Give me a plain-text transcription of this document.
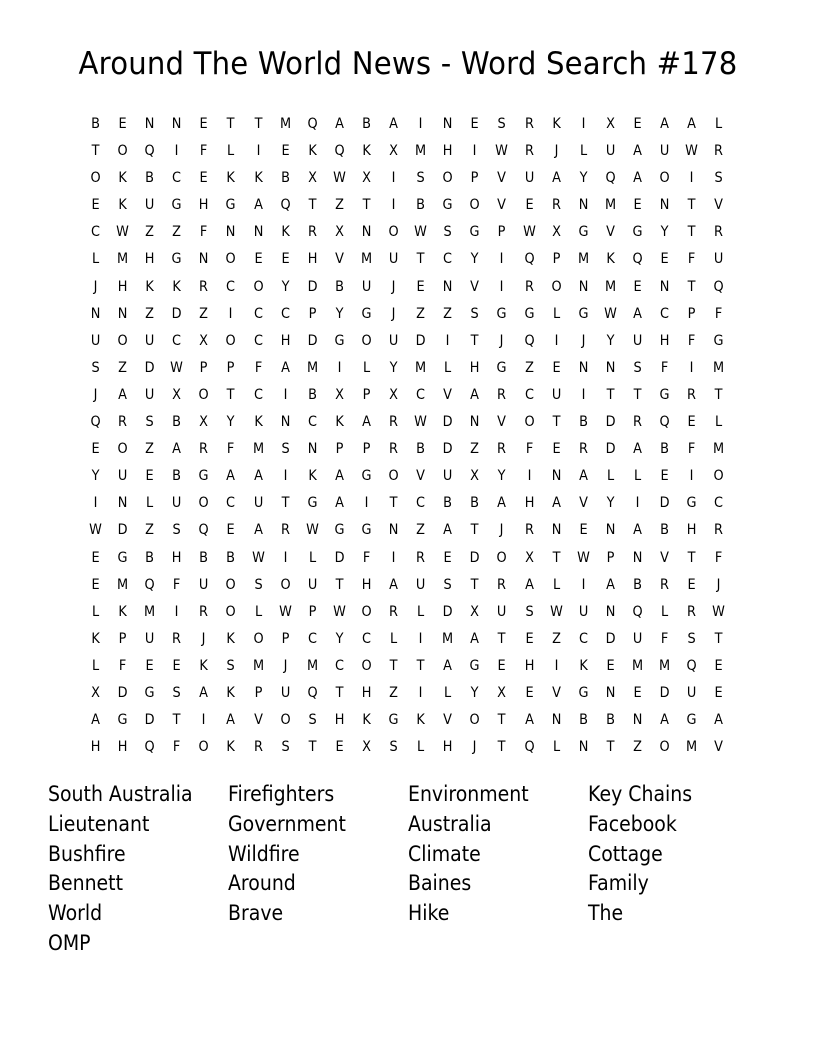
Around The World News - Word Search #178
B	E	N	N	E	T	T	M	Q	A	B	A	I	N	E	S	R	K	I	X	E	A	A	L
T	O	Q	I	F	L	I	E	K	Q	K	X	M	H	I	W	R	J	L	U	A	U	W	R
O	K	B	C	E	K	K	B	X	W	X	I	S	O	P	V	U	A	Y	Q	A	O	I	S
E	K	U	G	H	G	A	Q	T	Z	T	I	B	G	O	V	E	R	N	M	E	N	T	V
C	W	Z	Z	F	N	N	K	R	X	N	O	W	S	G	P	W	X	G	V	G	Y	T	R
L	M	H	G	N	O	E	E	H	V	M	U	T	C	Y	I	Q	P	M	K	Q	E	F	U
J	H	K	K	R	C	O	Y	D	B	U	J	E	N	V	I	R	O	N	M	E	N	T	Q
N	N	Z	D	Z	I	C	C	P	Y	G	J	Z	Z	S	G	G	L	G	W	A	C	P	F
U	O	U	C	X	O	C	H	D	G	O	U	D	I	T	J	Q	I	J	Y	U	H	F	G
S	Z	D	W	P	P	F	A	M	I	L	Y	M	L	H	G	Z	E	N	N	S	F	I	M
J	A	U	X	O	T	C	I	B	X	P	X	C	V	A	R	C	U	I	T	T	G	R	T
Q	R	S	B	X	Y	K	N	C	K	A	R	W	D	N	V	O	T	B	D	R	Q	E	L
E	O	Z	A	R	F	M	S	N	P	P	R	B	D	Z	R	F	E	R	D	A	B	F	M
Y	U	E	B	G	A	A	I	K	A	G	O	V	U	X	Y	I	N	A	L	L	E	I	O
I	N	L	U	O	C	U	T	G	A	I	T	C	B	B	A	H	A	V	Y	I	D	G	C
W	D	Z	S	Q	E	A	R	W	G	G	N	Z	A	T	J	R	N	E	N	A	B	H	R
E	G	B	H	B	B	W	I	L	D	F	I	R	E	D	O	X	T	W	P	N	V	T	F
E	M	Q	F	U	O	S	O	U	T	H	A	U	S	T	R	A	L	I	A	B	R	E	J
L	K	M	I	R	O	L	W	P	W	O	R	L	D	X	U	S	W	U	N	Q	L	R	W
K	P	U	R	J	K	O	P	C	Y	C	L	I	M	A	T	E	Z	C	D	U	F	S	T
L	F	E	E	K	S	M	J	M	C	O	T	T	A	G	E	H	I	K	E	M	M	Q	E
X	D	G	S	A	K	P	U	Q	T	H	Z	I	L	Y	X	E	V	G	N	E	D	U	E
A	G	D	T	I	A	V	O	S	H	K	G	K	V	O	T	A	N	B	B	N	A	G	A
H	H	Q	F	O	K	R	S	T	E	X	S	L	H	J	T	Q	L	N	T	Z	O	M	V
South Australia	Firefighters	Environment	Key Chains
Lieutenant	Government	Australia	Facebook
Bushfire	Wildfire	Climate	Cottage
Bennett	Around	Baines	Family
World	Brave	Hike	The
OMP
